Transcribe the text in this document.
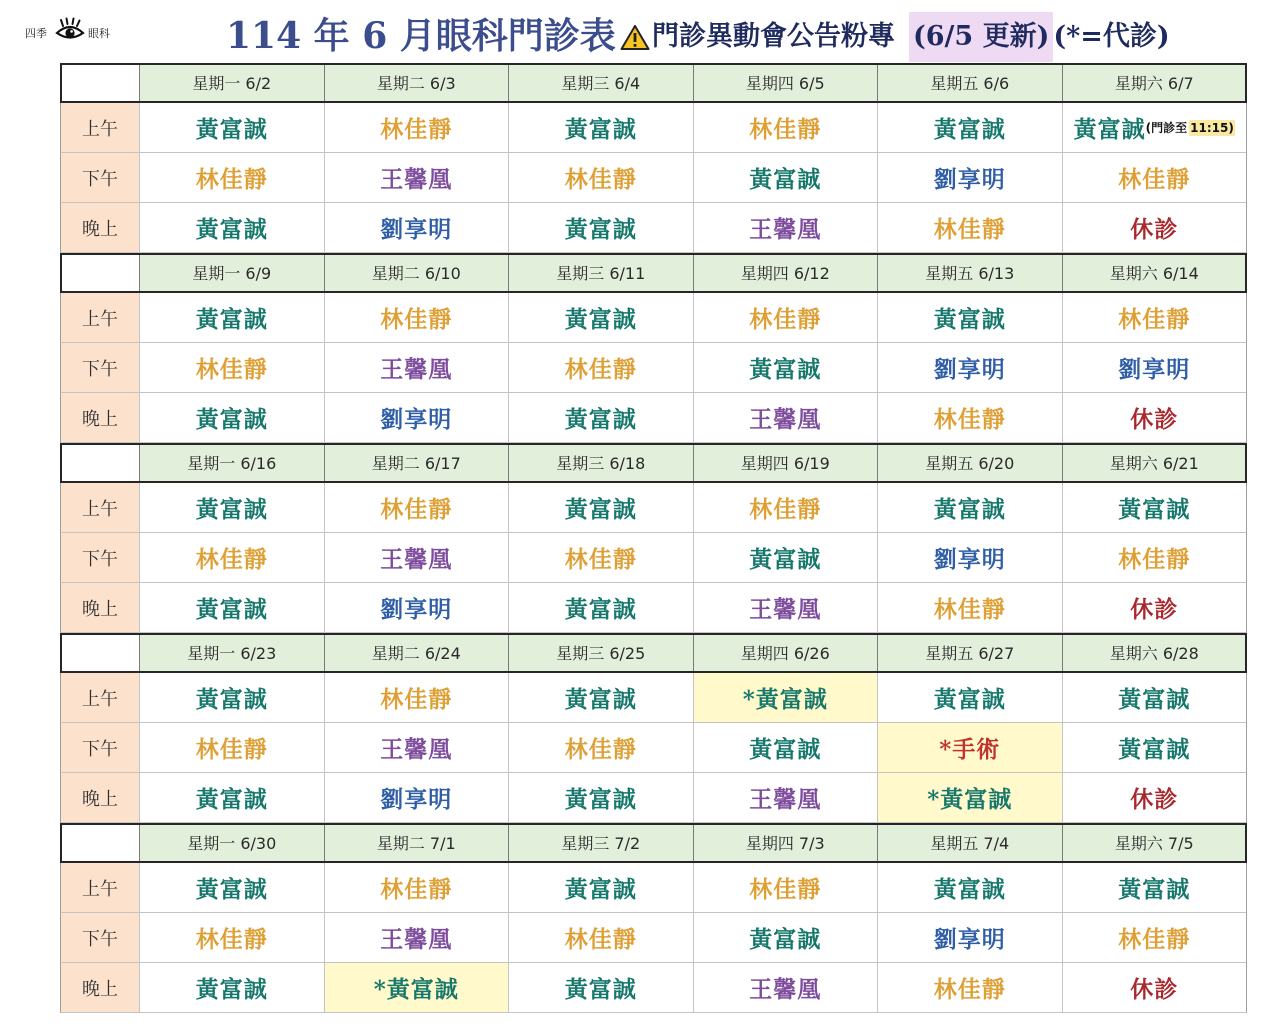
四季	眼科	114 年 6 月眼科門診表 門診異動會公告粉專 (6/5 更新) (*=代診)
星期一 6/2	星期二 6/3	星期三 6/4	星期四 6/5	星期五 6/6	星期六 6/7
上午	黃富誠	林佳靜	黃富誠	林佳靜	黃富誠	黃富誠 (門診至 11:15)
下午	林佳靜	王馨凰	林佳靜	黃富誠	劉享明	林佳靜
晚上	黃富誠	劉享明	黃富誠	王馨凰	林佳靜	休診
星期一 6/9	星期二 6/10	星期三 6/11	星期四 6/12	星期五 6/13	星期六 6/14
上午	黃富誠	林佳靜	黃富誠	林佳靜	黃富誠	林佳靜
下午	林佳靜	王馨凰	林佳靜	黃富誠	劉享明	劉享明
晚上	黃富誠	劉享明	黃富誠	王馨凰	林佳靜	休診
星期一 6/16	星期二 6/17	星期三 6/18	星期四 6/19	星期五 6/20	星期六 6/21
上午	黃富誠	林佳靜	黃富誠	林佳靜	黃富誠	黃富誠
下午	林佳靜	王馨凰	林佳靜	黃富誠	劉享明	林佳靜
晚上	黃富誠	劉享明	黃富誠	王馨凰	林佳靜	休診
星期一 6/23	星期二 6/24	星期三 6/25	星期四 6/26	星期五 6/27	星期六 6/28
上午	黃富誠	林佳靜	黃富誠	*黃富誠	黃富誠	黃富誠
下午	林佳靜	王馨凰	林佳靜	黃富誠	*手術	黃富誠
晚上	黃富誠	劉享明	黃富誠	王馨凰	*黃富誠	休診
星期一 6/30	星期二 7/1	星期三 7/2	星期四 7/3	星期五 7/4	星期六 7/5
上午	黃富誠	林佳靜	黃富誠	林佳靜	黃富誠	黃富誠
下午	林佳靜	王馨凰	林佳靜	黃富誠	劉享明	林佳靜
晚上	黃富誠	*黃富誠	黃富誠	王馨凰	林佳靜	休診
